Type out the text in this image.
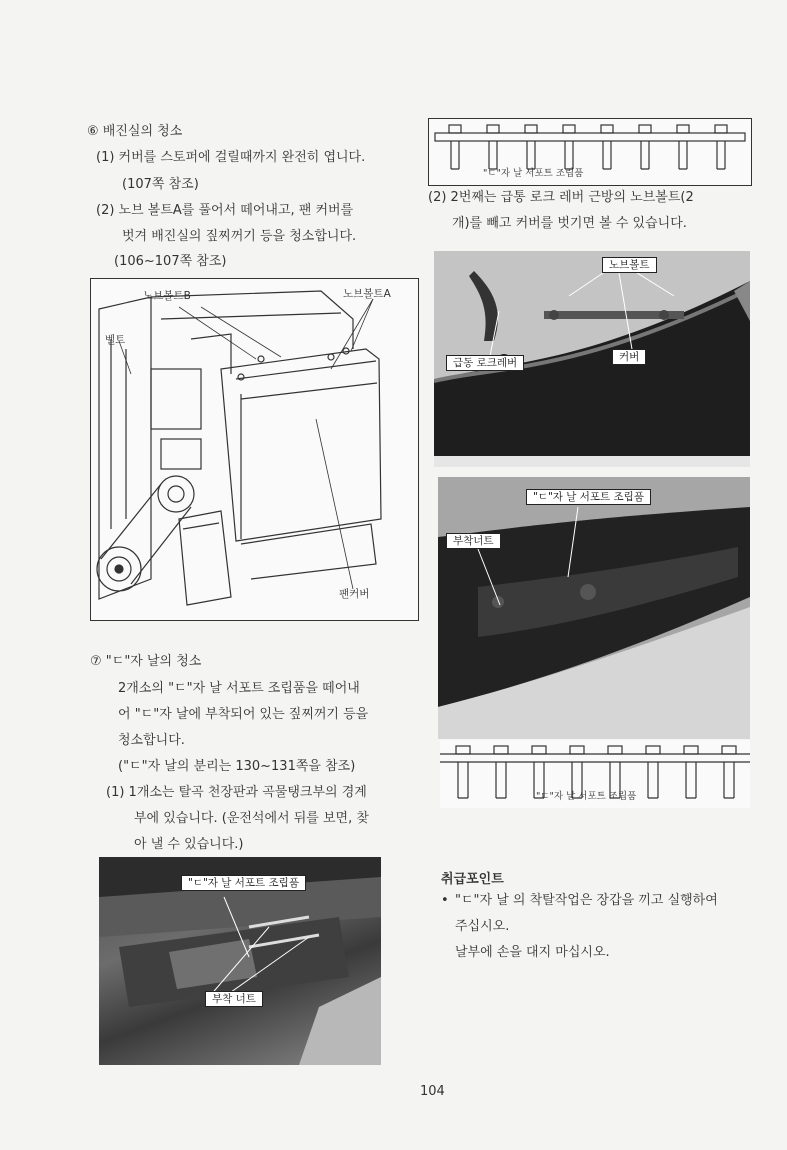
⑥ 배진실의 청소
(1) 커버를 스토퍼에 걸릴때까지 완전히 엽니다.
(107쪽 참조)
(2) 노브 볼트A를 풀어서 떼어내고, 팬 커버를
벗겨 배진실의 짚찌꺼기 등을 청소합니다.
(106~107쪽 참조)
노브볼트B	노브볼트A
벨트
팬커버
⑦ "ㄷ"자 날의 청소
2개소의 "ㄷ"자 날 서포트 조립품을 떼어내
어 "ㄷ"자 날에 부착되어 있는 짚찌꺼기 등을
청소합니다.
("ㄷ"자 날의 분리는 130~131쪽을 참조)
(1) 1개소는 탈곡 천장판과 곡물탱크부의 경계
부에 있습니다. (운전석에서 뒤를 보면, 찾
아 낼 수 있습니다.)
"ㄷ"자 날 서포트 조립품
부착 너트
"ㄷ"자 날 서포트 조립품
(2) 2번째는 급통 로크 레버 근방의 노브볼트(2
개)를 빼고 커버를 벗기면 볼 수 있습니다.
노브볼트
급동 로크레버	커버
"ㄷ"자 날 서포트 조립품
부착너트
"ㄷ"자 날 서포트 조립품
취급포인트
• "ㄷ"자 날 의 착탈작업은 장갑을 끼고 실행하여
주십시오.
날부에 손을 대지 마십시오.
104
